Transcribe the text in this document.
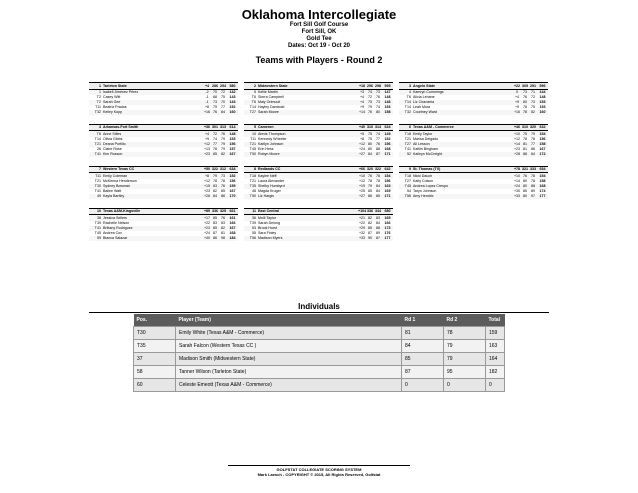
Oklahoma Intercollegiate
Fort Sill Golf Course
Fort Sill, OK
Gold Tee
Dates: Oct 19 - Oct 20
Teams with Players - Round 2
1 Tarleton State	+4 286 294 580
1 Isabell Jiménez Pérez	-2	70	72	142
T2 Casey Witt	-1	68	75	143
T2 Sarah Gee	-1	73	70	143
T11 Beatriz Prados	+8	75	77	152
T32 Kelley Kopp	+16 76	84	160
2 Midwestern State	+18 296 298 595
5 Kellie Martin	+3	74	73	147
T6 Sierra Campbell	+4	72	76	148
T6 Maly Orimuuit	+4	75	73	148
T14 Hayley Dambold	+9	79	74	153
T27 Sarah Moore	+14 76	80	158
3 Angelo State	+22 305 291 596
4 Kamryn Cummings	0	73	71	144
T6 Alicia Lehane	+4	76	72	148
T14 Liz Chavarria	+9	80	73	153
T14 Leah Mora	+9	78	75	153
T32 Courtney Ward	+16 78	82	160
4 Arkansas-Fort Smith	+36 301 313 614
T6 Anne Stiles	+4	72	76	148
T14 Olivia Gibbs	+9	74	79	153
T21 Deana Portillo	+12 77	79	156
26 Claire Rose	+13 78	79	157
T41 Kim Rosson	+23 85	82	167
5 Cameron	+40 310 314 624
10 Alexis Thompson	+5	75	74	149
T11 Kennedy Wheeler	+8	75	77	152
T21 Kaitlyn Johnson	+12 80	76	156
T45 Erin Hess	+24 80	88	168
T50 Robyn Moore	+27 84	87	171
6 Texas A&M - Commerce	+46 310 320 632
T18 Emily Taylor	+10 75	79	154
T21 Marisa Delgado	+12 78	78	156
T27 Ali Lesson	+14 81	77	158
T41 Kaitlin Bingham	+23 81	86	167
52 Kaileyn McCreight	+28 88	84	172
7 Western Texas CC	+50 322 312 634
T11 Emily Coleman	+8	79	73	152
T21 McKenna Henderson	+12 78	78	156
T30 Sydney Bowman	+15 83	76	159
T41 Bailee Watt	+23 82	85	167
49 Kayla Bartley	+26 84	86	170
8 Redlands CC	+66 320 322 642
T18 Kaylee Neff	+10 76	78	154
T21 Laura Alexander	+12 78	78	156
T35 Shelby Humbyrd	+19 79	84	163
48 Magda Kruger	+25 85	84	169
T50 Liz Hargis	+27 86	85	171
9 St. Thomas (TX)	+78 321 333 654
T18 Nicki Dauch	+10 76	78	154
T27 Kaity Colson	+14 80	78	158
T45 Andrea Lopez Crespo	+24 80	88	168
54 Taryn Johnson	+30 85	89	174
T56 Amy Hendrix	+33 80	97	177
10 Texas A&M-Kingsville	+89 336 325 661
38 Jessica Sellers	+17 85	76	161
T39 Rachelle Nelson	+22 83	83	166
T41 Brittany Rodriguez	+23 85	82	167
T45 Andrea Cox	+24 87	81	168
59 Bianca Salazar	+40 86	98	184
11 East Central	+104 336 344 680
36 Molli Taylor	+21 82	83	165
T39 Sarah Delong	+22 82	84	166
53 Brook Hurst	+29 85	88	173
55 Sara Finley	+32 87	89	176
T56 Madison Myers	+33 90	87	177
Individuals
Pos.	Player (Team)	Rd 1	Rd 2	Total
T30	Emily White (Texas A&M - Commerce)	81	78	159
T35	Sarah Falcon (Western Texas CC )	84	79	163
37	Madison Smith (Midwestern State)	85	79	164
58	Tanner Wilson (Tarleton State)	87	95	182
60	Celeste Emeott (Texas A&M - Commerce)	0	0	0
GOLFSTAT COLLEGIATE SCORING SYSTEM
Mark Laesch - COPYRIGHT © 2015, All Rights Reserved, Golfstat
